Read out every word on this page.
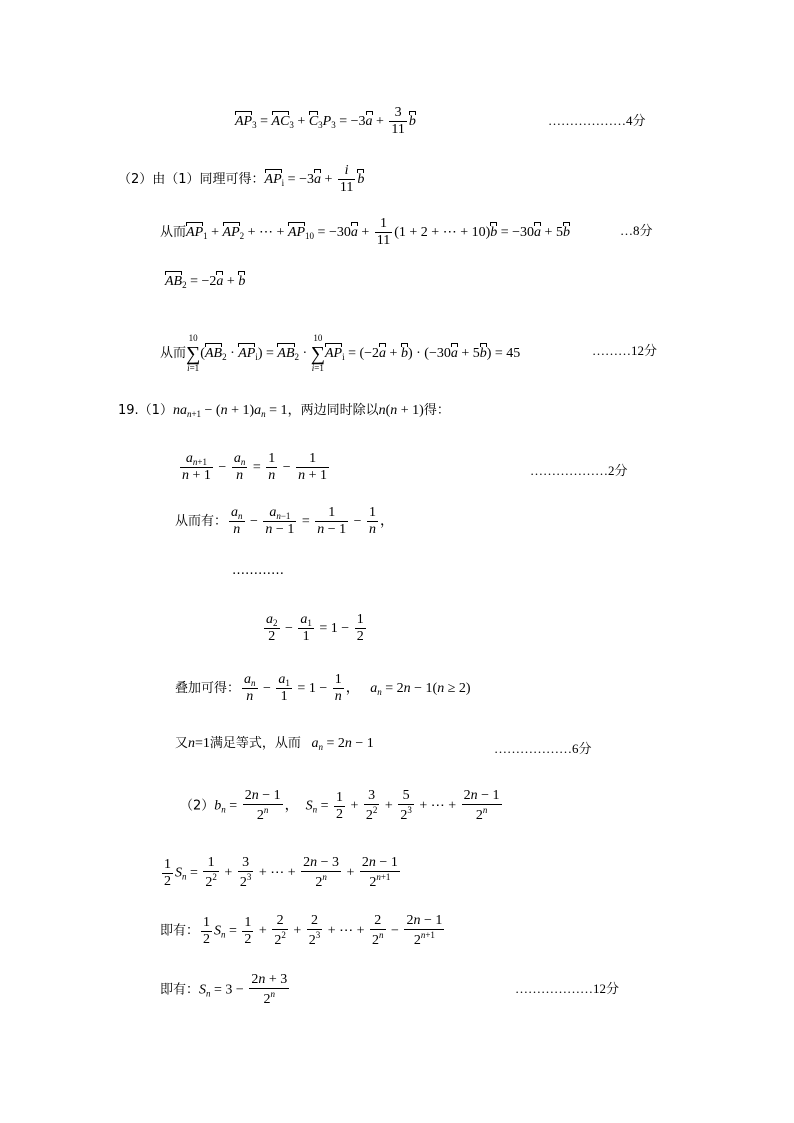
$AP_3 = AC_3 + C_3P_3 = -3a + \frac{3}{11}$ b	………………4分
（2）由（1）同理可得：$AP_i = -3a + \frac{i}{11}$ b
从而$AP_1 + AP_2$ + ⋯ + $AP_{10} = -30a + \frac{1}{11} (1 + 2$ + ⋯ + 10)b = −30a + 5b	…8分
$AB_2 = -2a + b$
从而10
∑
$i=1(AB_2 \cdot AP_i) = AB_2 \cdot 10$
∑
$i=1AP_i = (-2a + b) \cdot (-30a + 5b) = 45$	………12分
$19.(1)na_{n+1} - (n + 1)a_n = 1$，两边同时除以n(n + 1)得：
$\frac{a_{n+1}}{n + 1} - \frac{a_n}{n} = \frac{1}{n} - \frac{1}{n + 1}$	………………2分
从而有： $\frac{a_n}{n} - \frac{a_{n-1}}{n - 1} = \frac{1}{n - 1} - \frac{1}{n}$ ，
…………
$\frac{a_2}{2} - \frac{a_1}{1} = 1 - \frac{1}{2}$
叠加可得： $\frac{a_n}{n} - \frac{a_1}{1} = 1 - \frac{1}{n}$ ，   $a_n = 2n - 1(n \ge 2)$
又n=1满足等式，从而 $a_n = 2n - 1$	………………6分
$(2)b_n = \frac{2n - 1}{2^n}$ ，  $S_n = \frac{1}{2} + \frac{3}{2^2} + \frac{5}{2^3}$ + ⋯ + $\frac{2n - 1}{2^n}$
$\frac{1}{2} S_n = \frac{1}{2^2} + \frac{3}{2^3}$ + ⋯ + $\frac{2n - 3}{2^n} + \frac{2n - 1}{2^{n+1}}$
即有： $\frac{1}{2} S_n = \frac{1}{2} + \frac{2}{2^2} + \frac{2}{2^3}$ + ⋯ + $\frac{2}{2^n} - \frac{2n - 1}{2^{n+1}}$
即有：$S_n = 3 - \frac{2n + 3}{2^n}$	………………12分
